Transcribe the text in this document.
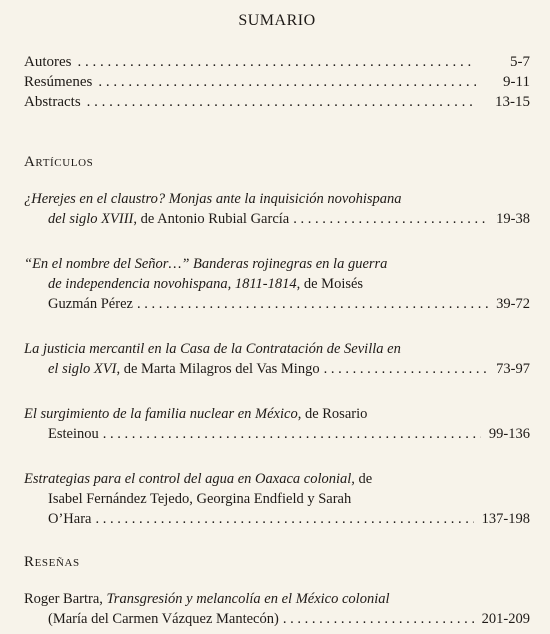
SUMARIO
Autores . . .	5-7
Resúmenes . . .	9-11
Abstracts . . .	13-15
Artículos
¿Herejes en el claustro? Monjas ante la inquisición novohispana
del siglo XVIII, de Antonio Rubial García . . .	19-38
“En el nombre del Señor…” Banderas rojinegras en la guerra
de independencia novohispana, 1811-1814, de Moisés
Guzmán Pérez . . .	39-72
La justicia mercantil en la Casa de la Contratación de Sevilla en
el siglo XVI, de Marta Milagros del Vas Mingo . . .	73-97
El surgimiento de la familia nuclear en México, de Rosario
Esteinou . . .	99-136
Estrategias para el control del agua en Oaxaca colonial, de
Isabel Fernández Tejedo, Georgina Endfield y Sarah
O’Hara . . .	137-198
Reseñas
Roger Bartra, Transgresión y melancolía en el México colonial
(María del Carmen Vázquez Mantecón) . . .	201-209
